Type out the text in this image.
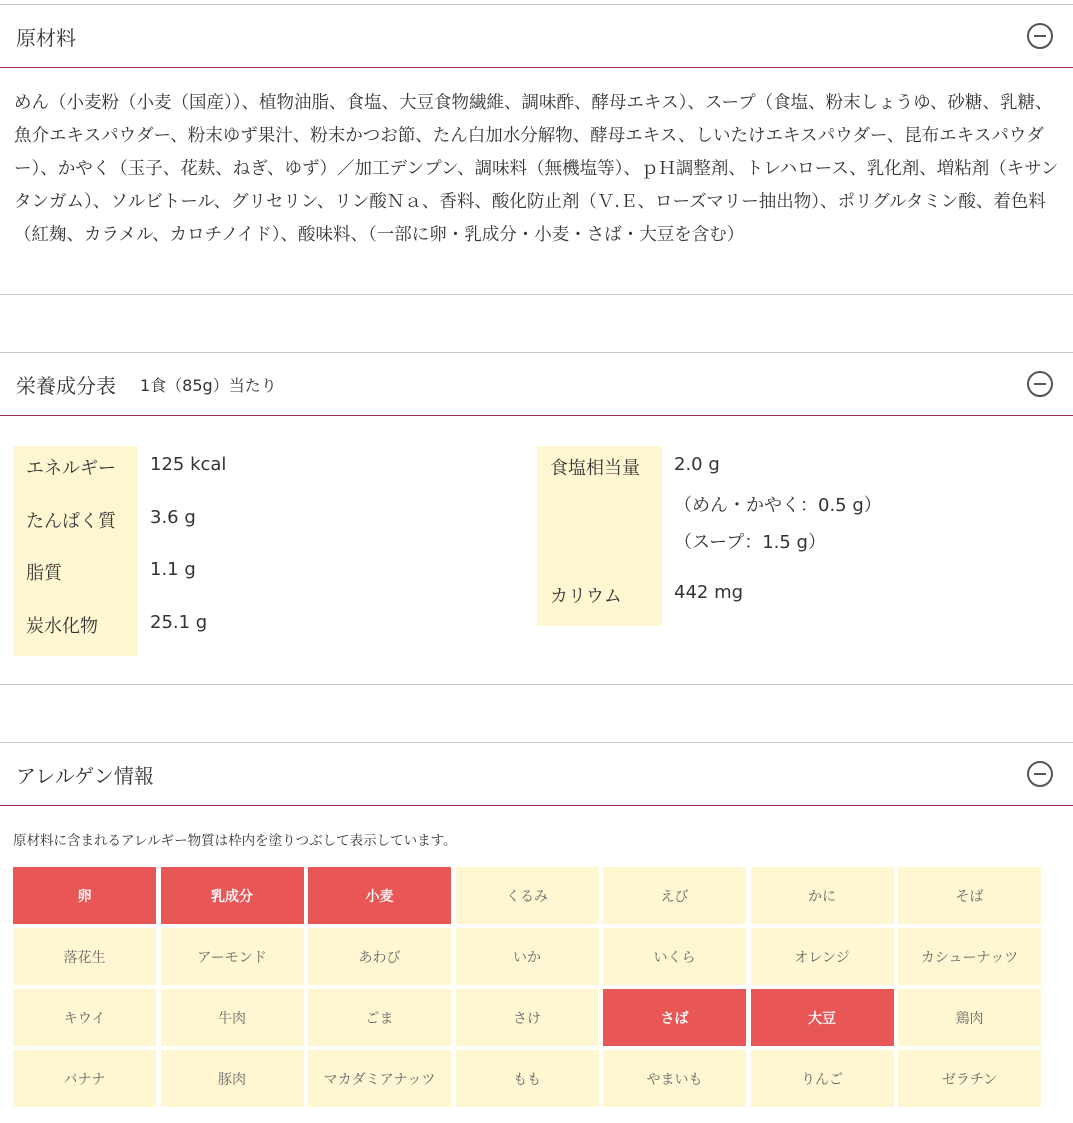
原材料

めん（小麦粉（小麦（国産））、植物油脂、食塩、大豆食物繊維、調味酢、酵母エキス）、スープ（食塩、粉末しょうゆ、砂糖、乳糖、魚介エキスパウダー、粉末ゆず果汁、粉末かつお節、たん白加水分解物、酵母エキス、しいたけエキスパウダー、昆布エキスパウダー）、かやく（玉子、花麸、ねぎ、ゆず）／加工デンプン、調味料（無機塩等）、ｐＨ調整剤、トレハロース、乳化剤、増粘剤（キサンタンガム）、ソルビトール、グリセリン、リン酸Ｎａ、香料、酸化防止剤（Ｖ.Ｅ、ローズマリー抽出物）、ポリグルタミン酸、着色料（紅麹、カラメル、カロチノイド）、酸味料、（一部に卵・乳成分・小麦・さば・大豆を含む）

栄養成分表 1食（85g）当たり
エネルギー 125 kcal
たんぱく質 3.6 g
脂質	1.1 g
炭水化物	25.1 g
食塩相当量 2.0 g
（めん・かやく：0.5 g）
（スープ：1.5 g）
カリウム	442 mg
アレルゲン情報

原材料に含まれるアレルギー物質は枠内を塗りつぶして表示しています。

卵	乳成分	小麦	くるみ	えび	かに	そば
落花生	アーモンド	あわび	いか	いくら	オレンジ	カシューナッツ
キウイ	牛肉	ごま	さけ	さば	大豆	鶏肉
バナナ	豚肉	マカダミアナッツ	もも	やまいも	りんご	ゼラチン
